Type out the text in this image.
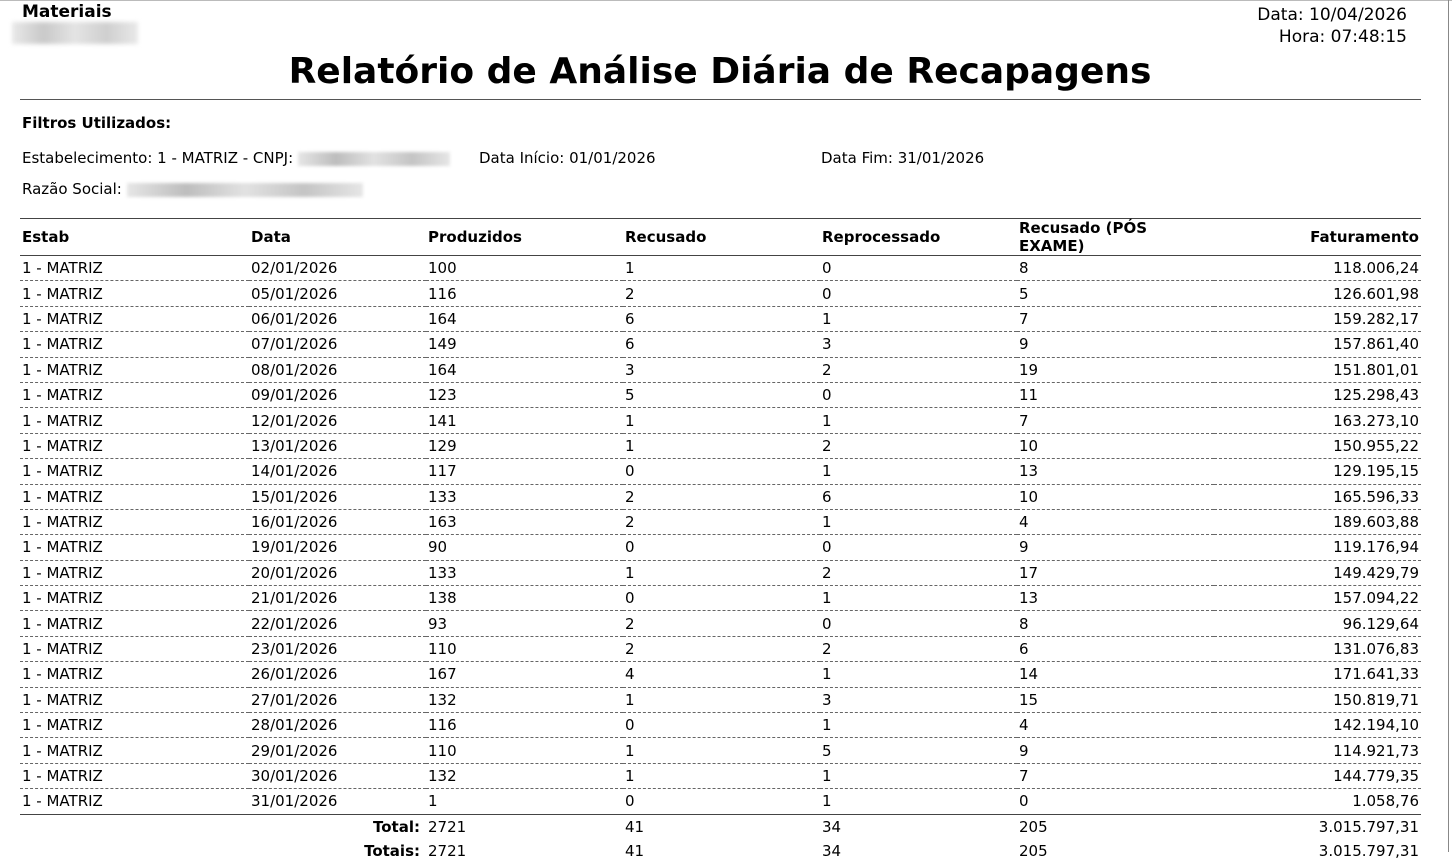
Materiais	Data: 10/04/2026
Hora: 07:48:15
Relatório de Análise Diária de Recapagens
Filtros Utilizados:
Estabelecimento: 1 - MATRIZ - CNPJ:	Data Início: 01/01/2026	Data Fim: 31/01/2026
Razão Social:
Estab	Data	Produzidos	Recusado	Reprocessado	Recusado (PÓS EXAME)	Faturamento
1 - MATRIZ	02/01/2026	100	1	0	8	118.006,24
1 - MATRIZ	05/01/2026	116	2	0	5	126.601,98
1 - MATRIZ	06/01/2026	164	6	1	7	159.282,17
1 - MATRIZ	07/01/2026	149	6	3	9	157.861,40
1 - MATRIZ	08/01/2026	164	3	2	19	151.801,01
1 - MATRIZ	09/01/2026	123	5	0	11	125.298,43
1 - MATRIZ	12/01/2026	141	1	1	7	163.273,10
1 - MATRIZ	13/01/2026	129	1	2	10	150.955,22
1 - MATRIZ	14/01/2026	117	0	1	13	129.195,15
1 - MATRIZ	15/01/2026	133	2	6	10	165.596,33
1 - MATRIZ	16/01/2026	163	2	1	4	189.603,88
1 - MATRIZ	19/01/2026	90	0	0	9	119.176,94
1 - MATRIZ	20/01/2026	133	1	2	17	149.429,79
1 - MATRIZ	21/01/2026	138	0	1	13	157.094,22
1 - MATRIZ	22/01/2026	93	2	0	8	96.129,64
1 - MATRIZ	23/01/2026	110	2	2	6	131.076,83
1 - MATRIZ	26/01/2026	167	4	1	14	171.641,33
1 - MATRIZ	27/01/2026	132	1	3	15	150.819,71
1 - MATRIZ	28/01/2026	116	0	1	4	142.194,10
1 - MATRIZ	29/01/2026	110	1	5	9	114.921,73
1 - MATRIZ	30/01/2026	132	1	1	7	144.779,35
1 - MATRIZ	31/01/2026	1	0	1	0	1.058,76
	Total:	2721	41	34	205	3.015.797,31
	Totais:	2721	41	34	205	3.015.797,31
